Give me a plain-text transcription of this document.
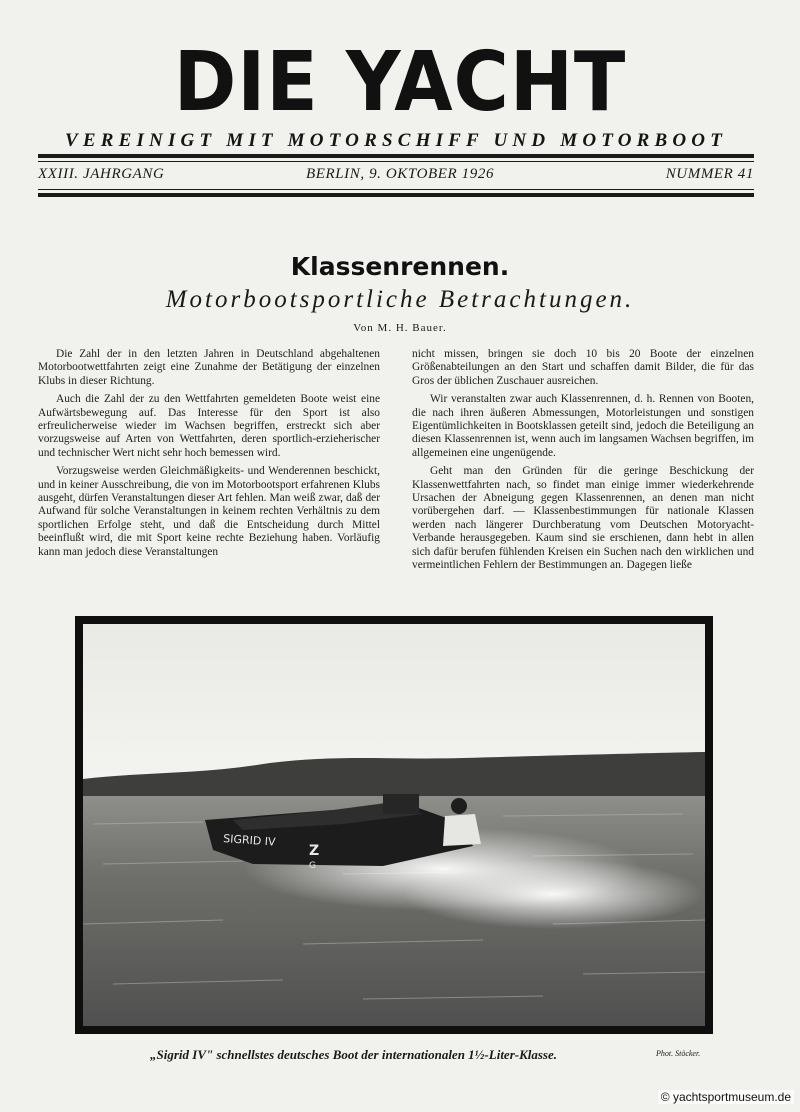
DIE YACHT
VEREINIGT MIT MOTORSCHIFF UND MOTORBOOT
BERLIN, 9. OKTOBER 1926
XXIII. JAHRGANG	NUMMER 41
Klassenrennen.
Motorbootsportliche Betrachtungen.
Von M. H. Bauer.

Die Zahl der in den letzten Jahren in Deutschland abgehaltenen Motorbootwettfahrten zeigt eine Zunahme der Betätigung der einzelnen Klubs in dieser Richtung.

Auch die Zahl der zu den Wettfahrten gemeldeten Boote weist eine Aufwärtsbewegung auf. Das Interesse für den Sport ist also erfreulicherweise wieder im Wachsen begriffen, erstreckt sich aber vorzugsweise auf Arten von Wettfahrten, deren sportlich-erzieherischer und technischer Wert nicht sehr hoch bemessen wird.

Vorzugsweise werden Gleichmäßigkeits- und Wenderennen beschickt, und in keiner Ausschreibung, die von im Motorbootsport erfahrenen Klubs ausgeht, dürfen Veranstaltungen dieser Art fehlen. Man weiß zwar, daß der Aufwand für solche Veranstaltungen in keinem rechten Verhältnis zu dem sportlichen Erfolge steht, und daß die Entscheidung durch Mittel beeinflußt wird, die mit Sport keine rechte Beziehung haben. Vorläufig kann man jedoch diese Veranstaltungen

nicht missen, bringen sie doch 10 bis 20 Boote der einzelnen Größenabteilungen an den Start und schaffen damit Bilder, die für das Gros der üblichen Zuschauer ausreichen.

Wir veranstalten zwar auch Klassenrennen, d. h. Rennen von Booten, die nach ihren äußeren Abmessungen, Motorleistungen und sonstigen Eigentümlichkeiten in Bootsklassen geteilt sind, jedoch die Beteiligung an diesen Klassenrennen ist, wenn auch im langsamen Wachsen begriffen, im allgemeinen eine ungenügende.

Geht man den Gründen für die geringe Beschickung der Klassenwettfahrten nach, so findet man einige immer wiederkehrende Ursachen der Abneigung gegen Klassenrennen, an denen man nicht vorübergehen darf. — Klassenbestimmungen für nationale Klassen werden nach längerer Durchberatung vom Deutschen Motoryacht-Verbande herausgegeben. Kaum sind sie erschienen, dann hebt in allen sich dafür berufen fühlenden Kreisen ein Suchen nach den wirklichen und vermeintlichen Fehlern der Bestimmungen an. Dagegen ließe

SIGRID IV
Z
G
„Sigrid IV" schnellstes deutsches Boot der internationalen 1½-Liter-Klasse.	Phot. Stöcker.
© yachtsportmuseum.de
